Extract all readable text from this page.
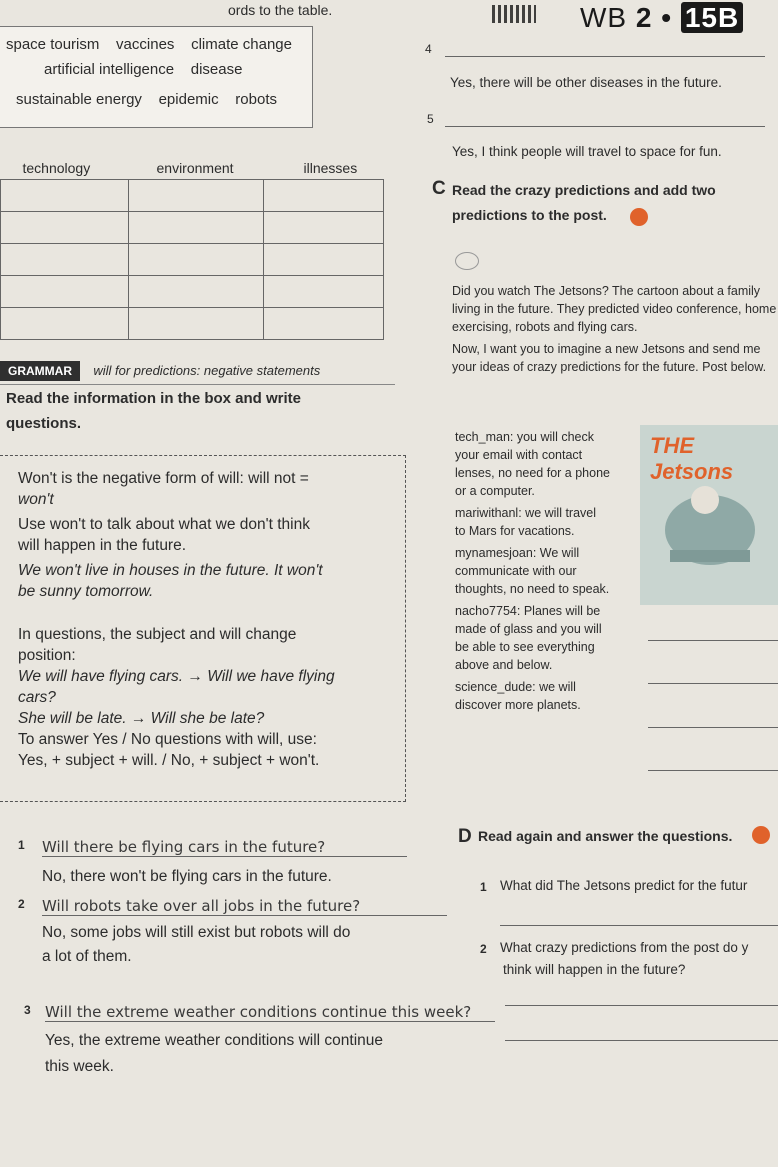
ords to the table.	WB 2 • 15B
space tourism vaccines climate change
artificial intelligence disease
sustainable energy epidemic robots
4
Yes, there will be other diseases in the future.
5
Yes, I think people will travel to space for fun.
technology	environment	illnesses

GRAMMAR will for predictions: negative statements
Read the information in the box and write
questions.
Won't is the negative form of will: will not =
won't
Use won't to talk about what we don't think
will happen in the future.
We won't live in houses in the future. It won't
be sunny tomorrow.
In questions, the subject and will change
position:
We will have flying cars. → Will we have flying
cars?
She will be late. → Will she be late?
To answer Yes / No questions with will, use:
Yes, + subject + will. / No, + subject + won't.
1 Will there be flying cars in the future?
No, there won't be flying cars in the future.
2 Will robots take over all jobs in the future?
No, some jobs will still exist but robots will do
a lot of them.
3 Will the extreme weather conditions continue this week?
Yes, the extreme weather conditions will continue
this week.
C Read the crazy predictions and add two
predictions to the post.
Did you watch The Jetsons? The cartoon about a family
living in the future. They predicted video conference, home
exercising, robots and flying cars.
Now, I want you to imagine a new Jetsons and send me
your ideas of crazy predictions for the future. Post below.
THE Jetsons
tech_man: you will check
your email with contact
lenses, no need for a phone
or a computer.
mariwithanl: we will travel
to Mars for vacations.
mynamesjoan: We will
communicate with our
thoughts, no need to speak.
nacho7754: Planes will be
made of glass and you will
be able to see everything
above and below.
science_dude: we will
discover more planets.
D Read again and answer the questions.
1 What did The Jetsons predict for the futur
2 What crazy predictions from the post do y
think will happen in the future?
